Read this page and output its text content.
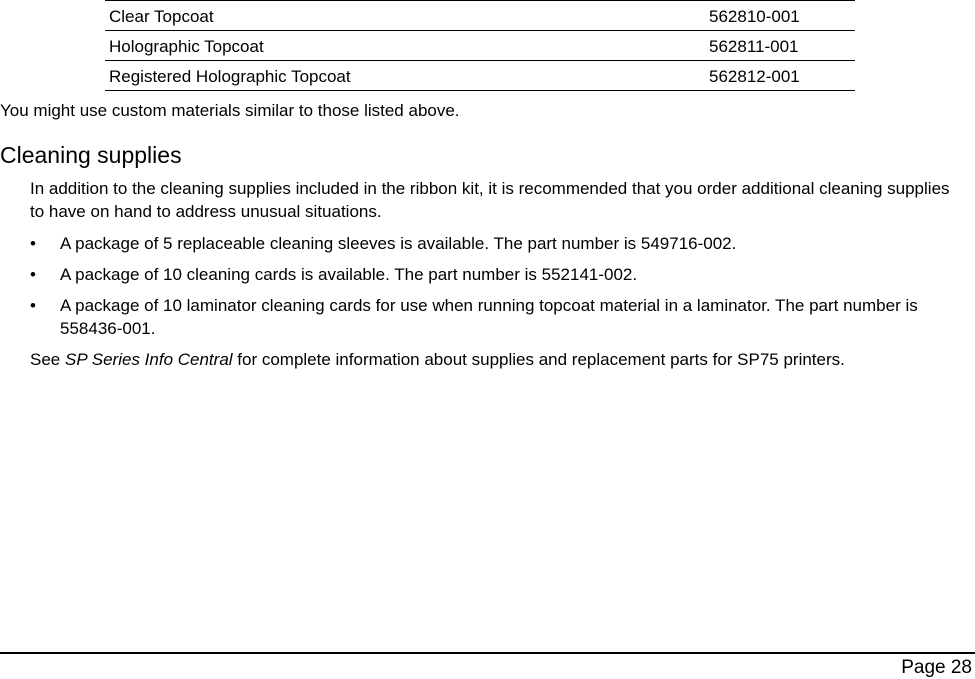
Clear Topcoat	562810-001
Holographic Topcoat	562811-001
Registered Holographic Topcoat	562812-001

You might use custom materials similar to those listed above.

Cleaning supplies

In addition to the cleaning supplies included in the ribbon kit, it is recommended that you order additional cleaning supplies to have on hand to address unusual situations.

• A package of 5 replaceable cleaning sleeves is available. The part number is 549716-002.
• A package of 10 cleaning cards is available. The part number is 552141-002.
• A package of 10 laminator cleaning cards for use when running topcoat material in a laminator. The part number is 558436-001.

See SP Series Info Central for complete information about supplies and replacement parts for SP75 printers.

Page 28
